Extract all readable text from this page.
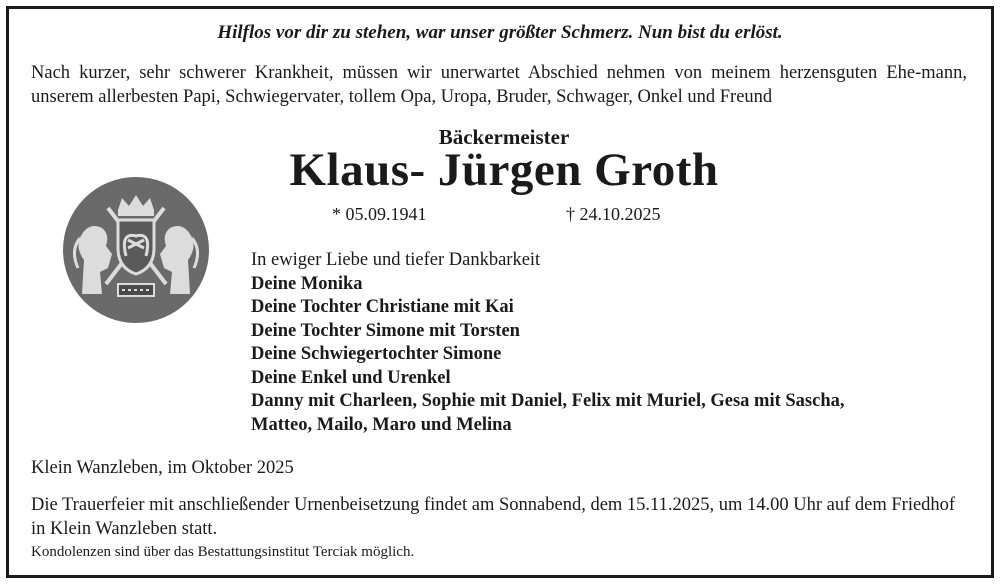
Hilflos vor dir zu stehen, war unser größter Schmerz. Nun bist du erlöst.
Nach kurzer, sehr schwerer Krankheit, müssen wir unerwartet Abschied nehmen von meinem herzensguten Ehe-mann, unserem allerbesten Papi, Schwiegervater, tollem Opa, Uropa, Bruder, Schwager, Onkel und Freund
Bäckermeister
Klaus- Jürgen Groth
* 05.09.1941	† 24.10.2025
In ewiger Liebe und tiefer Dankbarkeit
Deine Monika
Deine Tochter Christiane mit Kai
Deine Tochter Simone mit Torsten
Deine Schwiegertochter Simone
Deine Enkel und Urenkel
Danny mit Charleen, Sophie mit Daniel, Felix mit Muriel, Gesa mit Sascha,
Matteo, Mailo, Maro und Melina
Klein Wanzleben, im Oktober 2025
Die Trauerfeier mit anschließender Urnenbeisetzung findet am Sonnabend, dem 15.11.2025, um 14.00 Uhr auf dem Friedhof in Klein Wanzleben statt.
Kondolenzen sind über das Bestattungsinstitut Terciak möglich.
